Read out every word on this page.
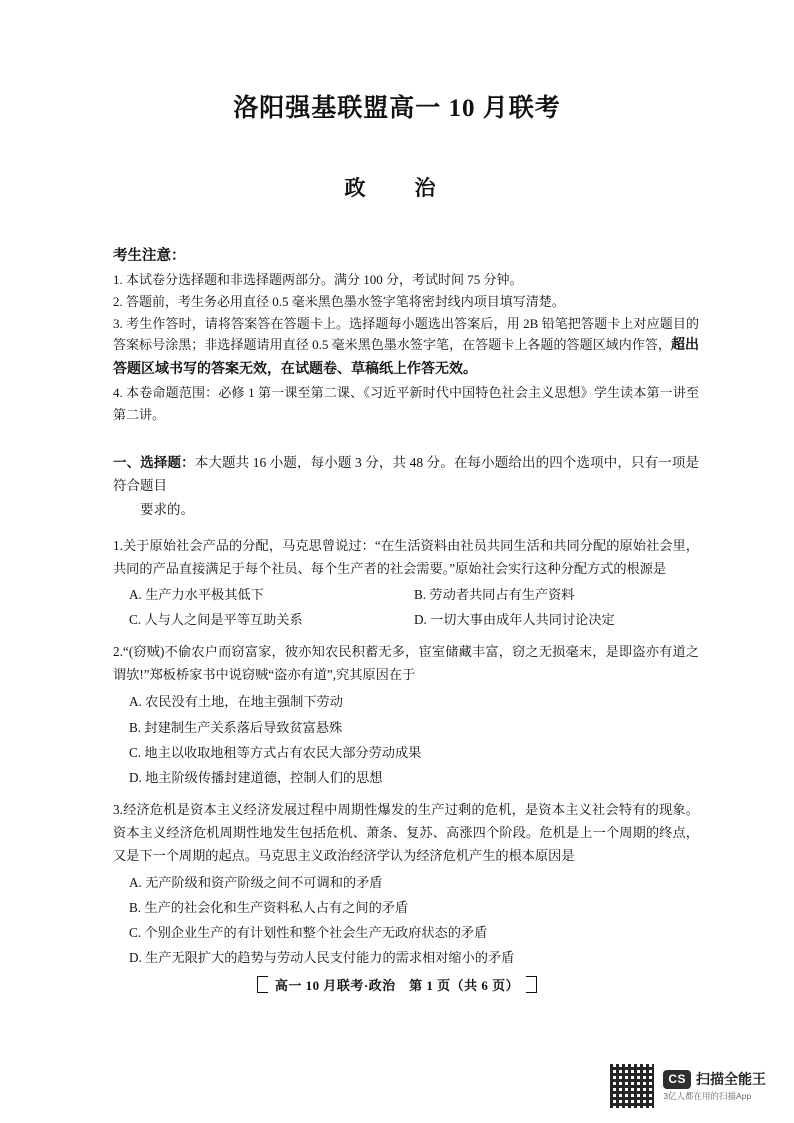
洛阳强基联盟高一 10 月联考
政　治
考生注意：
1. 本试卷分选择题和非选择题两部分。满分 100 分，考试时间 75 分钟。
2. 答题前，考生务必用直径 0.5 毫米黑色墨水签字笔将密封线内项目填写清楚。
3. 考生作答时，请将答案答在答题卡上。选择题每小题选出答案后，用 2B 铅笔把答题卡上对应题目的答案标号涂黑；非选择题请用直径 0.5 毫米黑色墨水签字笔，在答题卡上各题的答题区域内作答，超出答题区域书写的答案无效，在试题卷、草稿纸上作答无效。
4. 本卷命题范围：必修 1 第一课至第二课、《习近平新时代中国特色社会主义思想》学生读本第一讲至第二讲。
一、选择题：本大题共 16 小题，每小题 3 分，共 48 分。在每小题给出的四个选项中，只有一项是符合题目
要求的。
1.关于原始社会产品的分配，马克思曾说过：“在生活资料由社员共同生活和共同分配的原始社会里，共同的产品直接满足于每个社员、每个生产者的社会需要。”原始社会实行这种分配方式的根源是
A. 生产力水平极其低下	B. 劳动者共同占有生产资料
C. 人与人之间是平等互助关系	D. 一切大事由成年人共同讨论决定
2.“(窃贼)不偷农户而窃富家，彼亦知农民积蓄无多，宦室储藏丰富，窃之无损毫末，是即盗亦有道之谓欤!”郑板桥家书中说窃贼“盗亦有道”,究其原因在于
A. 农民没有土地，在地主强制下劳动
B. 封建制生产关系落后导致贫富悬殊
C. 地主以收取地租等方式占有农民大部分劳动成果
D. 地主阶级传播封建道德，控制人们的思想
3.经济危机是资本主义经济发展过程中周期性爆发的生产过剩的危机，是资本主义社会特有的现象。资本主义经济危机周期性地发生包括危机、萧条、复苏、高涨四个阶段。危机是上一个周期的终点，又是下一个周期的起点。马克思主义政治经济学认为经济危机产生的根本原因是
A. 无产阶级和资产阶级之间不可调和的矛盾
B. 生产的社会化和生产资料私人占有之间的矛盾
C. 个别企业生产的有计划性和整个社会生产无政府状态的矛盾
D. 生产无限扩大的趋势与劳动人民支付能力的需求相对缩小的矛盾
高一 10 月联考·政治　第 1 页（共 6 页）
CS 扫描全能王
3亿人都在用的扫描App
